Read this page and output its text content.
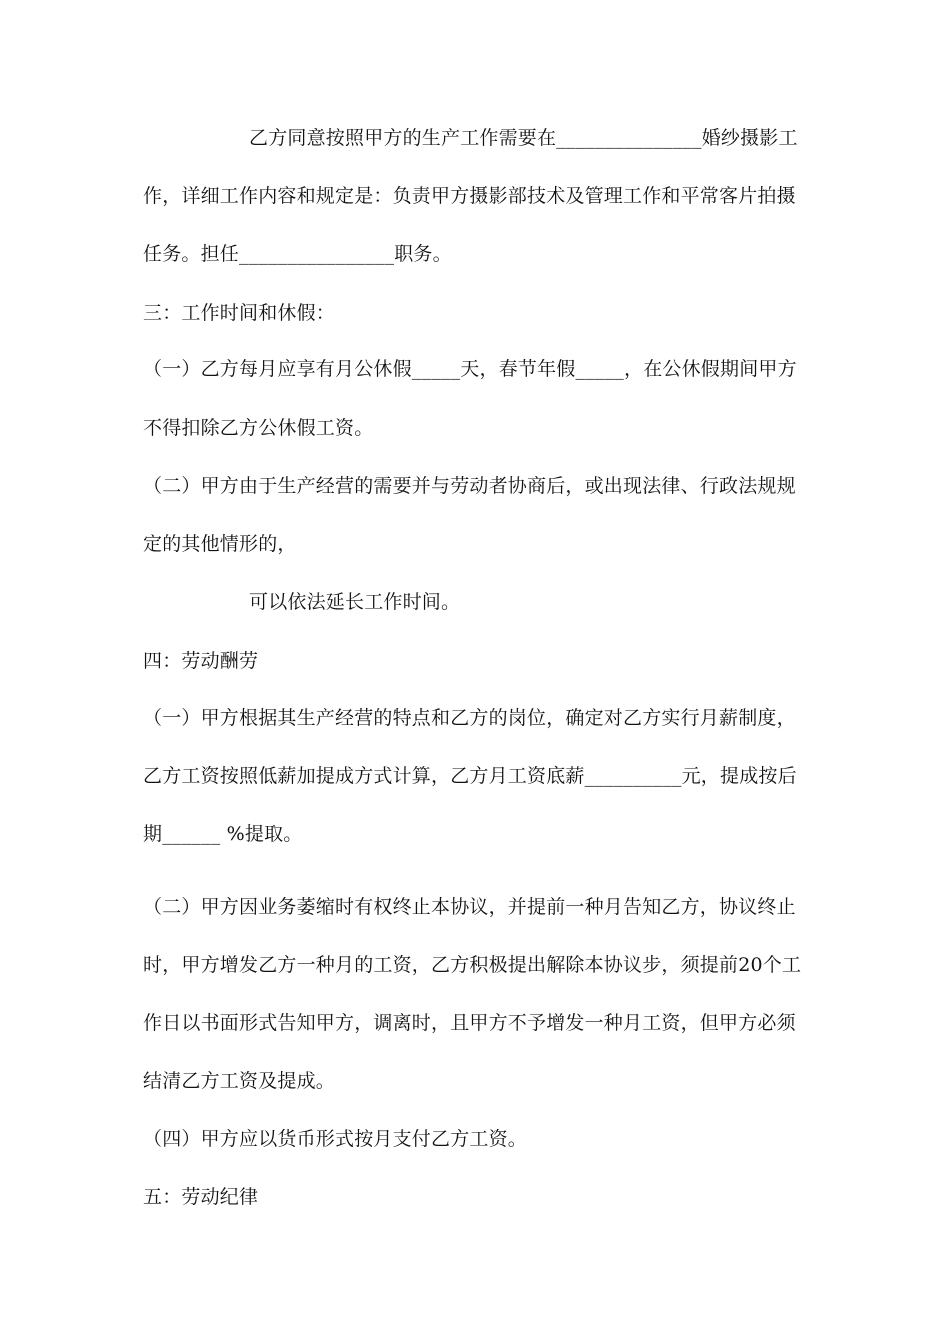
乙方同意按照甲方的生产工作需要在_______________婚纱摄影工
作，详细工作内容和规定是：负责甲方摄影部技术及管理工作和平常客片拍摄
任务。担任________________职务。
三：工作时间和休假：
（一）乙方每月应享有月公休假_____天，春节年假_____，在公休假期间甲方
不得扣除乙方公休假工资。
（二）甲方由于生产经营的需要并与劳动者协商后，或出现法律、行政法规规
定的其他情形的，
可以依法延长工作时间。
四：劳动酬劳
（一）甲方根据其生产经营的特点和乙方的岗位，确定对乙方实行月薪制度，
乙方工资按照低薪加提成方式计算，乙方月工资底薪__________元，提成按后
期______ %提取。
（二）甲方因业务萎缩时有权终止本协议，并提前一种月告知乙方，协议终止
时，甲方增发乙方一种月的工资，乙方积极提出解除本协议步，须提前20个工
作日以书面形式告知甲方，调离时，且甲方不予增发一种月工资，但甲方必须
结清乙方工资及提成。
（四）甲方应以货币形式按月支付乙方工资。
五：劳动纪律
